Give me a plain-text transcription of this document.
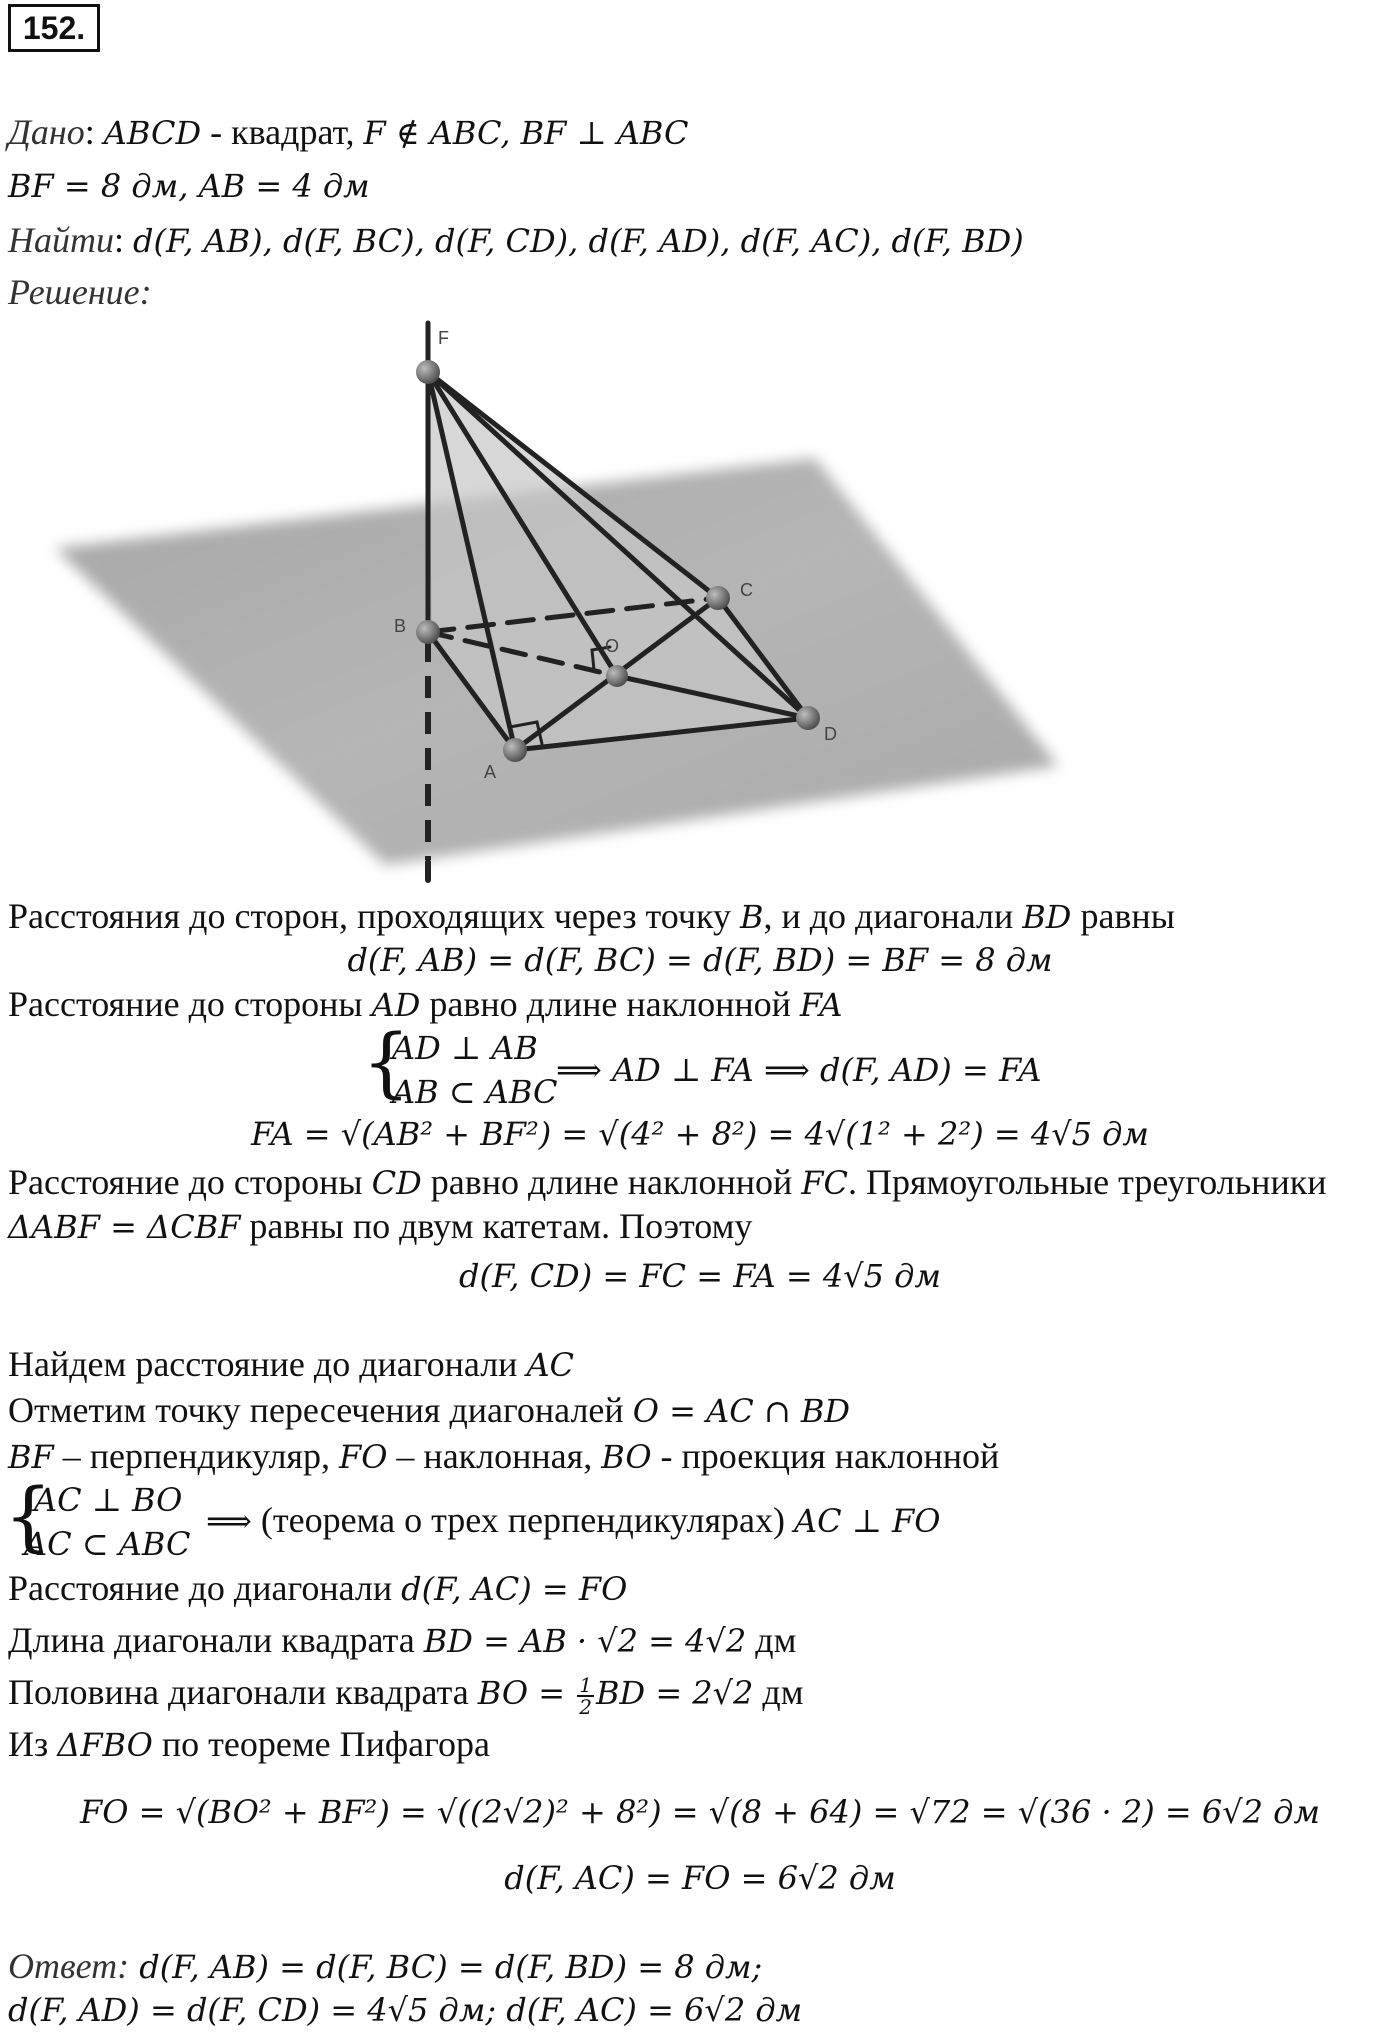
152.
Дано: ABCD - квадрат, F ∉ ABC, BF ⊥ ABC
BF = 8 дм, AB = 4 дм
Найти: d(F, AB), d(F, BC), d(F, CD), d(F, AD), d(F, AC), d(F, BD)
Решение:
F
B
C
O
A
D
Расстояния до сторон, проходящих через точку B, и до диагонали BD равны
d(F, AB) = d(F, BC) = d(F, BD) = BF = 8 дм
Расстояние до стороны AD равно длине наклонной FA
{
AD ⊥ AB
AB ⊂ ABC
⟹ AD ⊥ FA ⟹ d(F, AD) = FA
FA = √(AB² + BF²) = √(4² + 8²) = 4√(1² + 2²) = 4√5 дм
Расстояние до стороны CD равно длине наклонной FC. Прямоугольные треугольники
ΔABF = ΔCBF равны по двум катетам. Поэтому
d(F, CD) = FC = FA = 4√5 дм
Найдем расстояние до диагонали AC
Отметим точку пересечения диагоналей O = AC ∩ BD
BF – перпендикуляр, FO – наклонная, BO - проекция наклонной
{
AC ⊥ BO
AC ⊂ ABC
⟹ (теорема о трех перпендикулярах) AC ⊥ FO
Расстояние до диагонали d(F, AC) = FO
Длина диагонали квадрата BD = AB · √2 = 4√2 дм
Половина диагонали квадрата BO = $\frac{1}{2}$ BD = 2√2 дм
Из ΔFBO по теореме Пифагора
FO = √(BO² + BF²) = √((2√2)² + 8²) = √(8 + 64) = √72 = √(36 · 2) = 6√2 дм
d(F, AC) = FO = 6√2 дм
Ответ: d(F, AB) = d(F, BC) = d(F, BD) = 8 дм;
d(F, AD) = d(F, CD) = 4√5 дм; d(F, AC) = 6√2 дм
